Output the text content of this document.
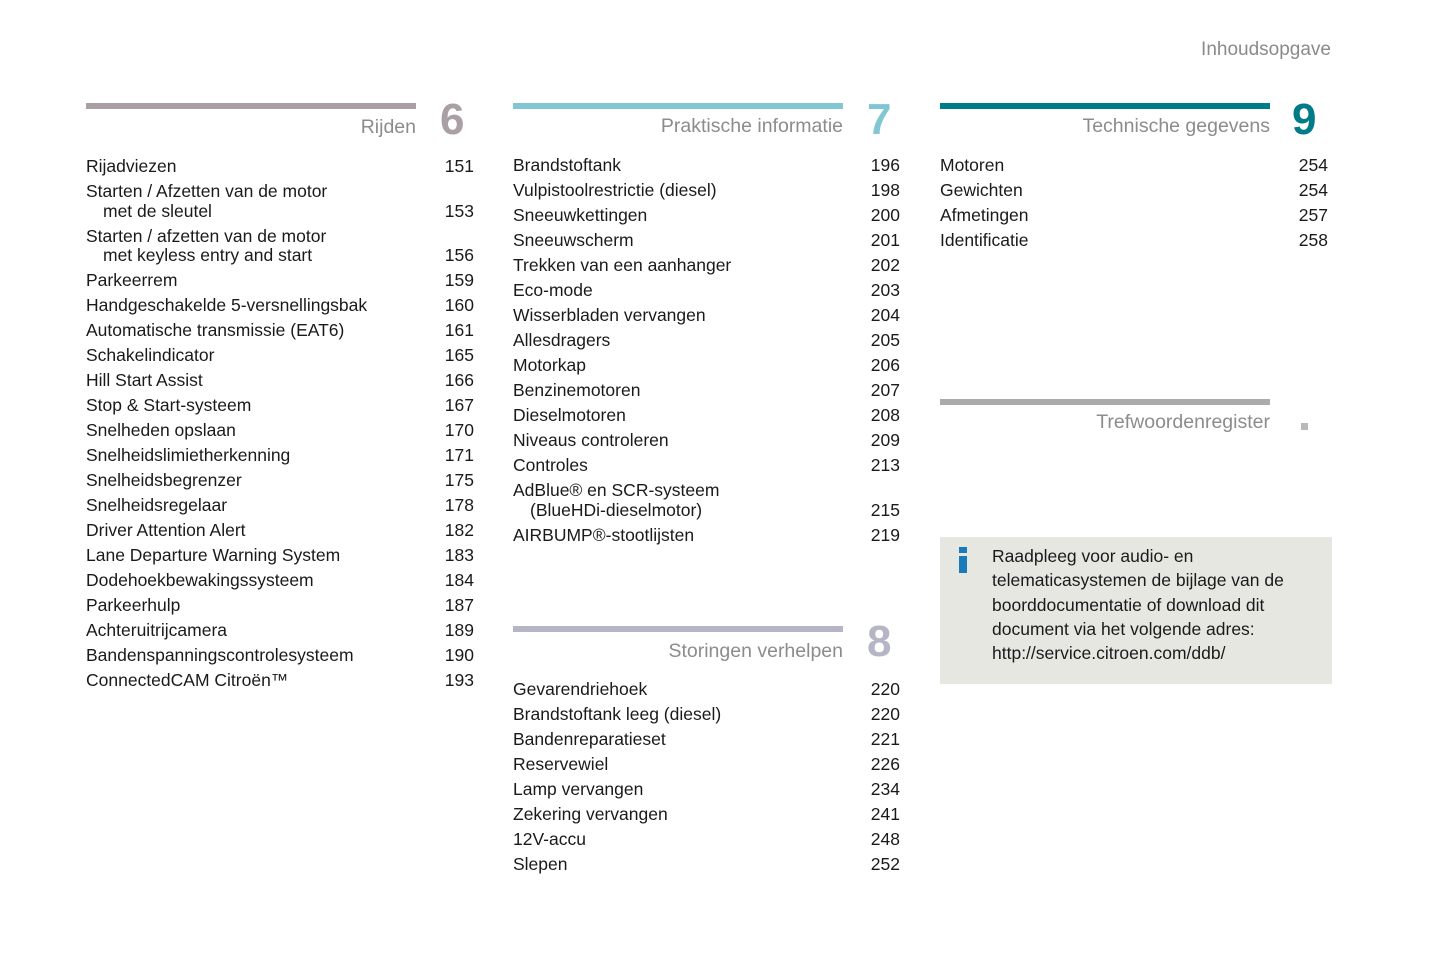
Inhoudsopgave
Rijden 6
Rijadviezen	151
Starten / Afzetten van de motor
met de sleutel	153
Starten / afzetten van de motor
met keyless entry and start	156
Parkeerrem	159
Handgeschakelde 5-versnellingsbak	160
Automatische transmissie (EAT6)	161
Schakelindicator	165
Hill Start Assist	166
Stop & Start-systeem	167
Snelheden opslaan	170
Snelheidslimietherkenning	171
Snelheidsbegrenzer	175
Snelheidsregelaar	178
Driver Attention Alert	182
Lane Departure Warning System	183
Dodehoekbewakingssysteem	184
Parkeerhulp	187
Achteruitrijcamera	189
Bandenspanningscontrolesysteem	190
ConnectedCAM Citroën™	193
Praktische informatie 7
Brandstoftank	196
Vulpistoolrestrictie (diesel)	198
Sneeuwkettingen	200
Sneeuwscherm	201
Trekken van een aanhanger	202
Eco-mode	203
Wisserbladen vervangen	204
Allesdragers	205
Motorkap	206
Benzinemotoren	207
Dieselmotoren	208
Niveaus controleren	209
Controles	213
AdBlue® en SCR-systeem
(BlueHDi-dieselmotor)	215
AIRBUMP®-stootlijsten	219
Storingen verhelpen 8
Gevarendriehoek	220
Brandstoftank leeg (diesel)	220
Bandenreparatieset	221
Reservewiel	226
Lamp vervangen	234
Zekering vervangen	241
12V-accu	248
Slepen	252
Technische gegevens 9
Motoren	254
Gewichten	254
Afmetingen	257
Identificatie	258
Trefwoordenregister
Raadpleeg voor audio- en
telematicasystemen de bijlage van de
boorddocumentatie of download dit
document via het volgende adres:
http://service.citroen.com/ddb/
